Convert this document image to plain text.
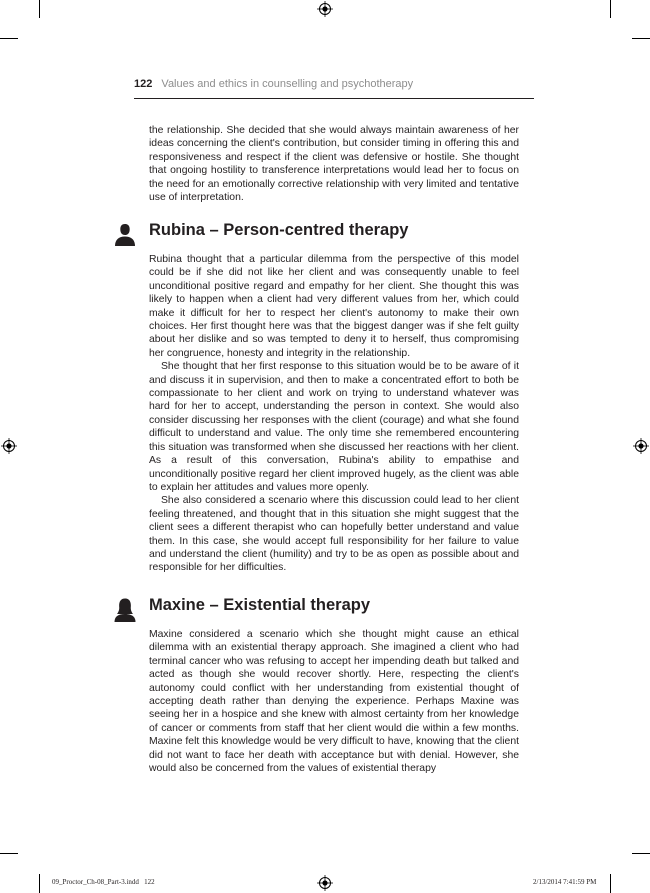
122 Values and ethics in counselling and psychotherapy

the relationship. She decided that she would always maintain awareness of her ideas concerning the client's contribution, but consider timing in offering this and responsiveness and respect if the client was defensive or hostile. She thought that ongoing hostility to transference interpretations would lead her to focus on the need for an emotionally corrective relationship with very limited and tentative use of interpretation.

Rubina – Person-centred therapy

Rubina thought that a particular dilemma from the perspective of this model could be if she did not like her client and was consequently unable to feel unconditional positive regard and empathy for her client. She thought this was likely to happen when a client had very different values from her, which could make it difficult for her to respect her client's autonomy to make their own choices. Her first thought here was that the biggest danger was if she felt guilty about her dislike and so was tempted to deny it to herself, thus compromising her congruence, honesty and integrity in the relationship.

She thought that her first response to this situation would be to be aware of it and discuss it in supervision, and then to make a concentrated effort to both be compassionate to her client and work on trying to understand whatever was hard for her to accept, understanding the person in context. She would also consider discussing her responses with the client (courage) and what she found difficult to understand and value. The only time she remembered encountering this situation was transformed when she discussed her reactions with her client. As a result of this conversation, Rubina's ability to empathise and unconditionally positive regard her client improved hugely, as the client was able to explain her attitudes and values more openly.

She also considered a scenario where this discussion could lead to her client feeling threatened, and thought that in this situation she might suggest that the client sees a different therapist who can hopefully better understand and value them. In this case, she would accept full responsibility for her failure to value and understand the client (humility) and try to be as open as possible about and responsible for her difficulties.

Maxine – Existential therapy

Maxine considered a scenario which she thought might cause an ethical dilemma with an existential therapy approach. She imagined a client who had terminal cancer who was refusing to accept her impending death but talked and acted as though she would recover shortly. Here, respecting the client's autonomy could conflict with her understanding from existential thought of accepting death rather than denying the experience. Perhaps Maxine was seeing her in a hospice and she knew with almost certainty from her knowledge of cancer or comments from staff that her client would die within a few months. Maxine felt this knowledge would be very difficult to have, knowing that the client did not want to face her death with acceptance but with denial. However, she would also be concerned from the values of existential therapy

09_Proctor_Ch-08_Part-3.indd 122	2/13/2014 7:41:59 PM
